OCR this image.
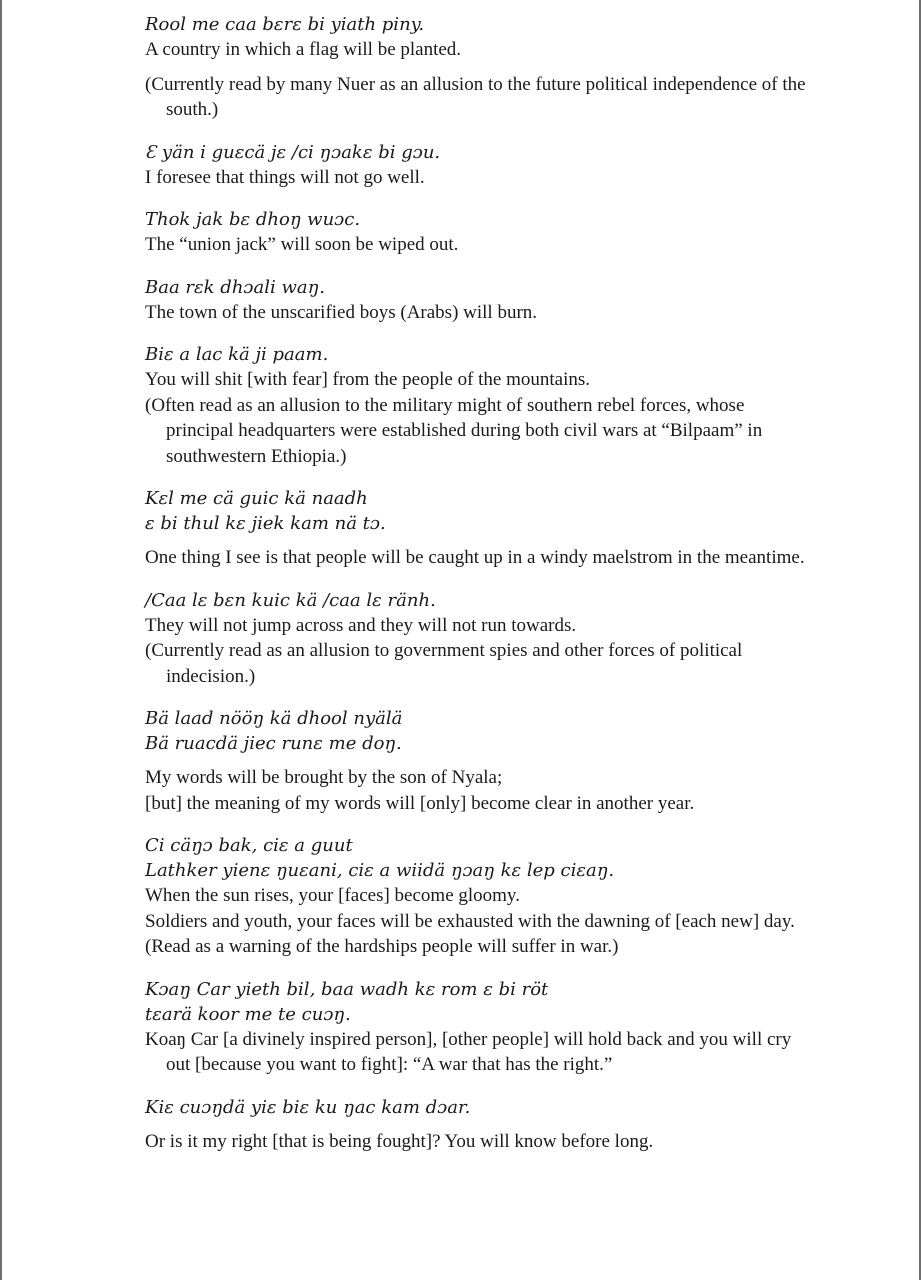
Rool me caa bεrε bi yiath piny.

A country in which a flag will be planted.

(Currently read by many Nuer as an allusion to the future political independence of the south.)

Ɛ yän i guεcä jε /ci ŋɔakε bi gɔu.

I foresee that things will not go well.

Thok jak bε dhoŋ wuɔc.

The “union jack” will soon be wiped out.

Baa rεk dhɔali waŋ.

The town of the unscarified boys (Arabs) will burn.

Biε a lac kä ji paam.

You will shit [with fear] from the people of the mountains.

(Often read as an allusion to the military might of southern rebel forces, whose principal headquarters were established during both civil wars at “Bilpaam” in southwestern Ethiopia.)

Kεl me cä guic kä naadh

ε bi thul kε jiek kam nä tɔ.

One thing I see is that people will be caught up in a windy maelstrom in the meantime.

/Caa lε bεn kuic kä /caa lε ränh.

They will not jump across and they will not run towards.

(Currently read as an allusion to government spies and other forces of political indecision.)

Bä laad nööŋ kä dhool nyälä

Bä ruacdä jiec runε me doŋ.

My words will be brought by the son of Nyala;

[but] the meaning of my words will [only] become clear in another year.

Ci cäŋɔ bak, ciε a guut

Lathker yienε ŋuεani, ciε a wiidä ŋɔaŋ kε lep ciεaŋ.

When the sun rises, your [faces] become gloomy.

Soldiers and youth, your faces will be exhausted with the dawning of [each new] day.

(Read as a warning of the hardships people will suffer in war.)

Kɔaŋ Car yieth bil, baa wadh kε rom ε bi röt

tεarä koor me te cuɔŋ.

Koaŋ Car [a divinely inspired person], [other people] will hold back and you will cry out [because you want to fight]: “A war that has the right.”

Kiε cuɔŋdä yiε biε ku ŋac kam dɔar.

Or is it my right [that is being fought]? You will know before long.
